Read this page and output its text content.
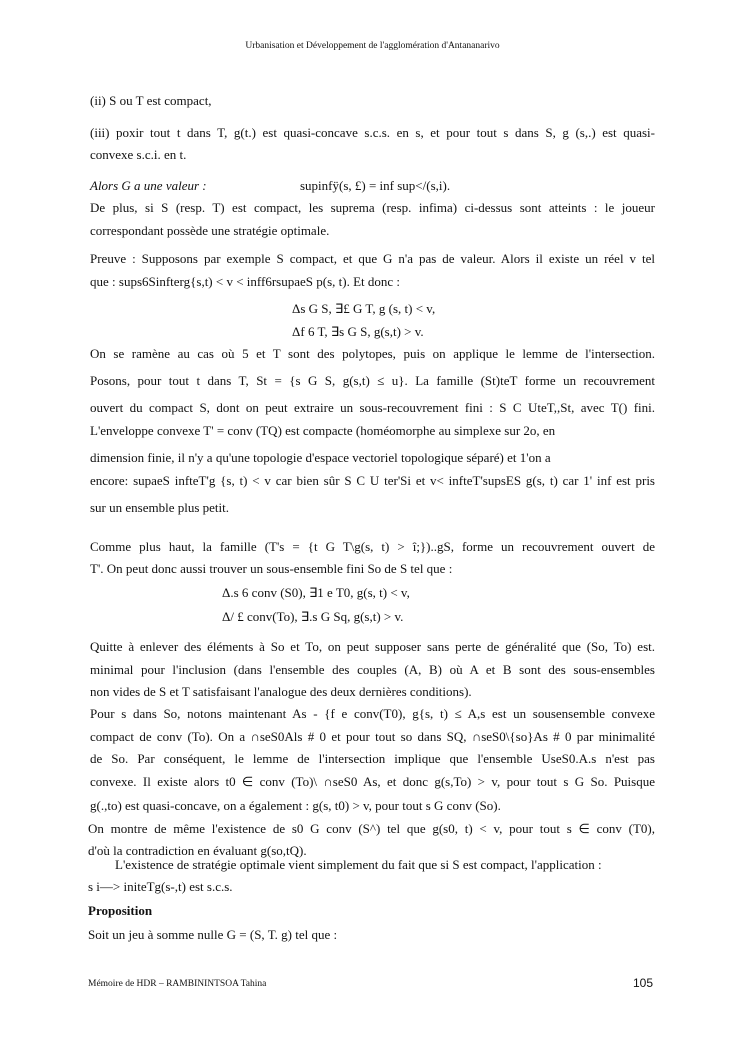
Urbanisation et Développement de l'agglomération d'Antananarivo
(ii) S ou T est compact,
(iii) poxir tout t dans T, g(t.) est quasi-concave s.c.s. en s, et pour tout s dans S, g (s,.) est quasi-
convexe s.c.i. en t.
Alors G a une valeur :
De plus, si S (resp. T) est compact, les suprema (resp. infima) ci-dessus sont atteints : le joueur
correspondant possède une stratégie optimale.
Preuve : Supposons par exemple S compact, et que G n'a pas de valeur. Alors il existe un réel v tel
que : sups6Sinfterg{s,t) < v < inff6rsupaeS p(s, t). Et donc :
Δs G S, ∃£ G T, g (s, t) < v,
Δf 6 T, ∃s G S, g(s,t) > v.
On se ramène au cas où 5 et T sont des polytopes, puis on applique le lemme de l'intersection.
Posons, pour tout t dans T, St = {s G S, g(s,t) ≤ u}. La famille (St)teT forme un recouvrement
ouvert du compact S, dont on peut extraire un sous-recouvrement fini : S C UteT,,St, avec T() fini.
L'enveloppe convexe T' = conv (TQ) est compacte (homéomorphe au simplexe sur 2o, en
dimension finie, il n'y a qu'une topologie d'espace vectoriel topologique séparé) et 1'on a
encore: supaeS infteT'g {s, t) < v car bien sûr S C U ter'Si et v< infteT'supsES g(s, t) car 1' inf est pris
sur un ensemble plus petit.
Comme plus haut, la famille (T's = {t G T\g(s, t) > î;})..gS, forme un recouvrement ouvert de
T'. On peut donc aussi trouver un sous-ensemble fini So de S tel que :
Δ.s 6 conv (S0), ∃1 e T0, g(s, t) < v,
Δ/ £ conv(To), ∃.s G Sq, g(s,t) > v.
Quitte à enlever des éléments à So et To, on peut supposer sans perte de généralité que (So, To) est.
minimal pour l'inclusion (dans l'ensemble des couples (A, B) où A et B sont des sous-ensembles
non vides de S et T satisfaisant l'analogue des deux dernières conditions).
Pour s dans So, notons maintenant As - {f e conv(T0), g{s, t) ≤ A,s est un sousensemble convexe
compact de conv (To). On a ∩seS0Als # 0 et pour tout so dans SQ, ∩seS0\{so}As # 0 par minimalité
de So. Par conséquent, le lemme de l'intersection implique que l'ensemble UseS0.A.s n'est pas
convexe. Il existe alors t0 ∈ conv (To)\ ∩seS0 As, et donc g(s,To) > v, pour tout s G So. Puisque
g(.,to) est quasi-concave, on a également : g(s, t0) > v, pour tout s G conv (So).
On montre de même l'existence de s0 G conv (S^) tel que g(s0, t) < v, pour tout s ∈ conv (T0),
d'où la contradiction en évaluant g(so,tQ).
L'existence de stratégie optimale vient simplement du fait que si S est compact, l'application :
s i—> initeTg(s-,t) est s.c.s.
Proposition
Soit un jeu à somme nulle G = (S, T. g) tel que :
supinfÿ(s, £) = inf sup</(s,i).
Mémoire de HDR – RAMBININTSOA Tahina	105
